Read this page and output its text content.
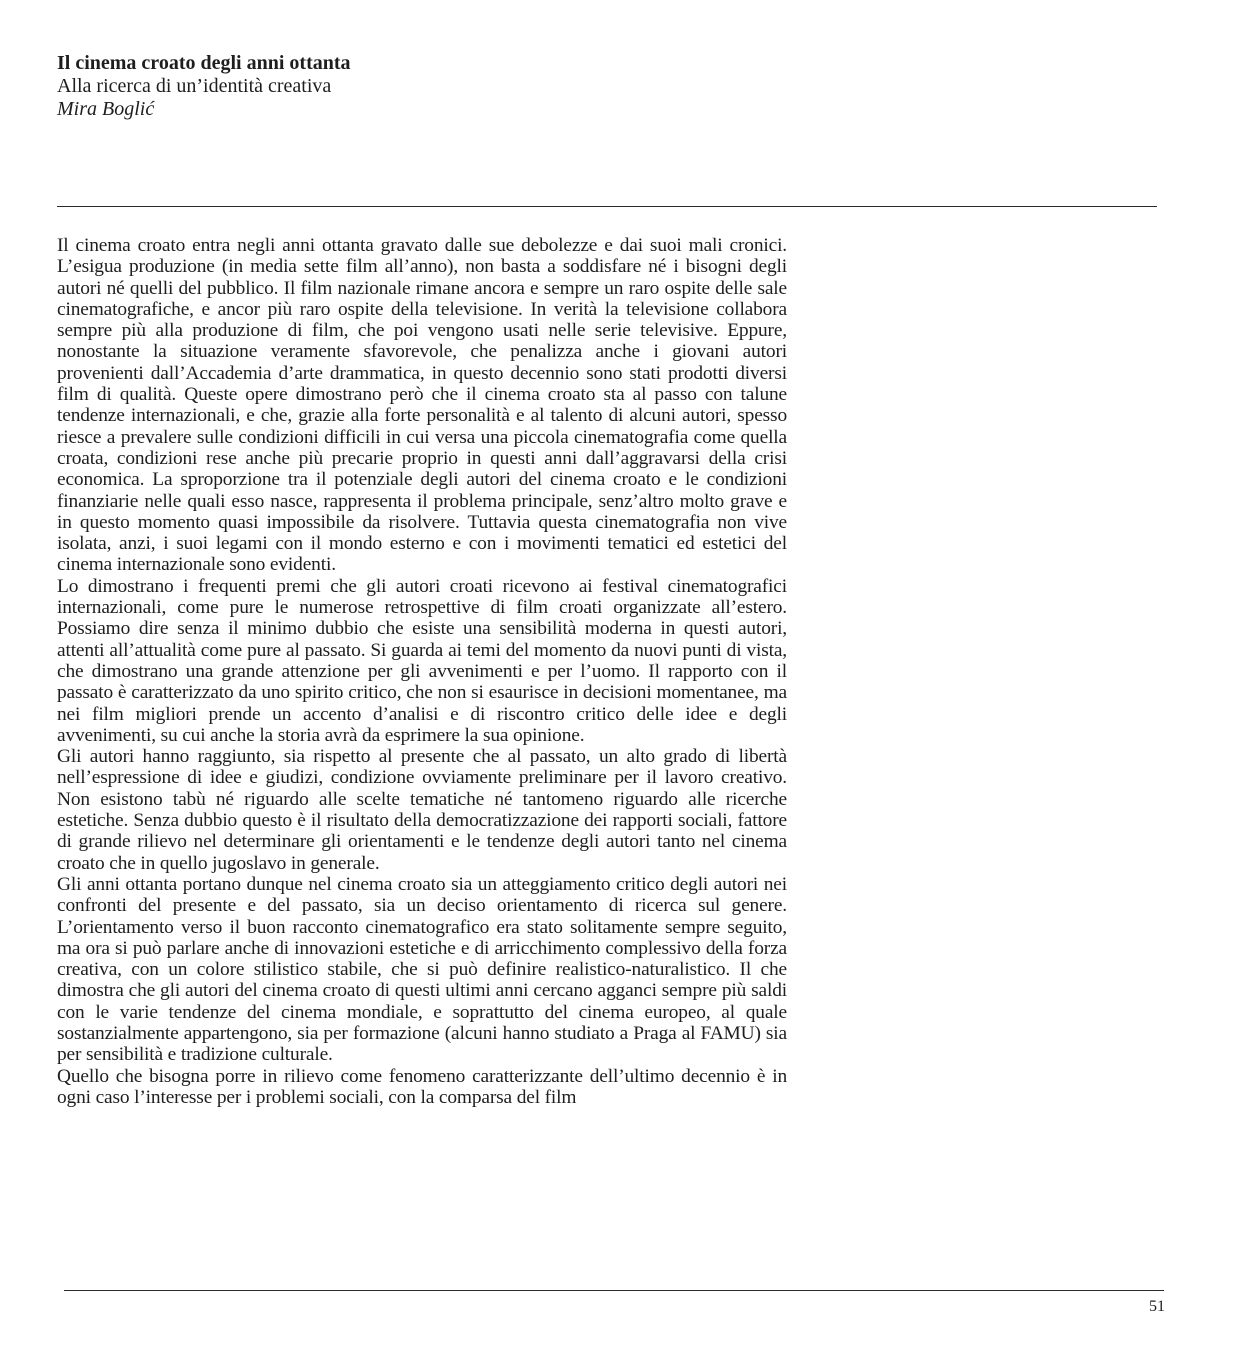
Il cinema croato degli anni ottanta

Alla ricerca di un’identità creativa

Mira Boglić

Il cinema croato entra negli anni ottanta gravato dalle sue debolezze e dai suoi mali cronici. L’esigua produzione (in media sette film all’anno), non basta a soddisfare né i bisogni degli autori né quelli del pubblico. Il film nazionale rimane ancora e sempre un raro ospite delle sale cinematografiche, e ancor più raro ospite della televisione. In verità la televisione collabora sempre più alla produzione di film, che poi vengono usati nelle serie televisive. Eppure, nonostante la situazione veramente sfavorevole, che penalizza anche i giovani autori provenienti dall’Accademia d’arte drammatica, in questo decennio sono stati prodotti diversi film di qualità. Queste opere dimostrano però che il cinema croato sta al passo con talune tendenze internazionali, e che, grazie alla forte personalità e al talento di alcuni autori, spesso riesce a prevalere sulle condizioni difficili in cui versa una piccola cinematografia come quella croata, condizioni rese anche più precarie proprio in questi anni dall’aggravarsi della crisi economica. La sproporzione tra il potenziale degli autori del cinema croato e le condizioni finanziarie nelle quali esso nasce, rappresenta il problema principale, senz’altro molto grave e in questo momento quasi impossibile da risolvere. Tuttavia questa cinematografia non vive isolata, anzi, i suoi legami con il mondo esterno e con i movimenti tematici ed estetici del cinema internazionale sono evidenti.

Lo dimostrano i frequenti premi che gli autori croati ricevono ai festival cinematografici internazionali, come pure le numerose retrospettive di film croati organizzate all’estero. Possiamo dire senza il minimo dubbio che esiste una sensibilità moderna in questi autori, attenti all’attualità come pure al passato. Si guarda ai temi del momento da nuovi punti di vista, che dimostrano una grande attenzione per gli avvenimenti e per l’uomo. Il rapporto con il passato è caratterizzato da uno spirito critico, che non si esaurisce in decisioni momentanee, ma nei film migliori prende un accento d’analisi e di riscontro critico delle idee e degli avvenimenti, su cui anche la storia avrà da esprimere la sua opinione.

Gli autori hanno raggiunto, sia rispetto al presente che al passato, un alto grado di libertà nell’espressione di idee e giudizi, condizione ovviamente preliminare per il lavoro creativo. Non esistono tabù né riguardo alle scelte tematiche né tantomeno riguardo alle ricerche estetiche. Senza dubbio questo è il risultato della democratizzazione dei rapporti sociali, fattore di grande rilievo nel determinare gli orientamenti e le tendenze degli autori tanto nel cinema croato che in quello jugoslavo in generale.

Gli anni ottanta portano dunque nel cinema croato sia un atteggiamento critico degli autori nei confronti del presente e del passato, sia un deciso orientamento di ricerca sul genere. L’orientamento verso il buon racconto cinematografico era stato solitamente sempre seguito, ma ora si può parlare anche di innovazioni estetiche e di arricchimento complessivo della forza creativa, con un colore stilistico stabile, che si può definire realistico-naturalistico. Il che dimostra che gli autori del cinema croato di questi ultimi anni cercano agganci sempre più saldi con le varie tendenze del cinema mondiale, e soprattutto del cinema europeo, al quale sostanzialmente appartengono, sia per formazione (alcuni hanno studiato a Praga al FAMU) sia per sensibilità e tradizione culturale.

Quello che bisogna porre in rilievo come fenomeno caratterizzante dell’ultimo decennio è in ogni caso l’interesse per i problemi sociali, con la comparsa del film

51
